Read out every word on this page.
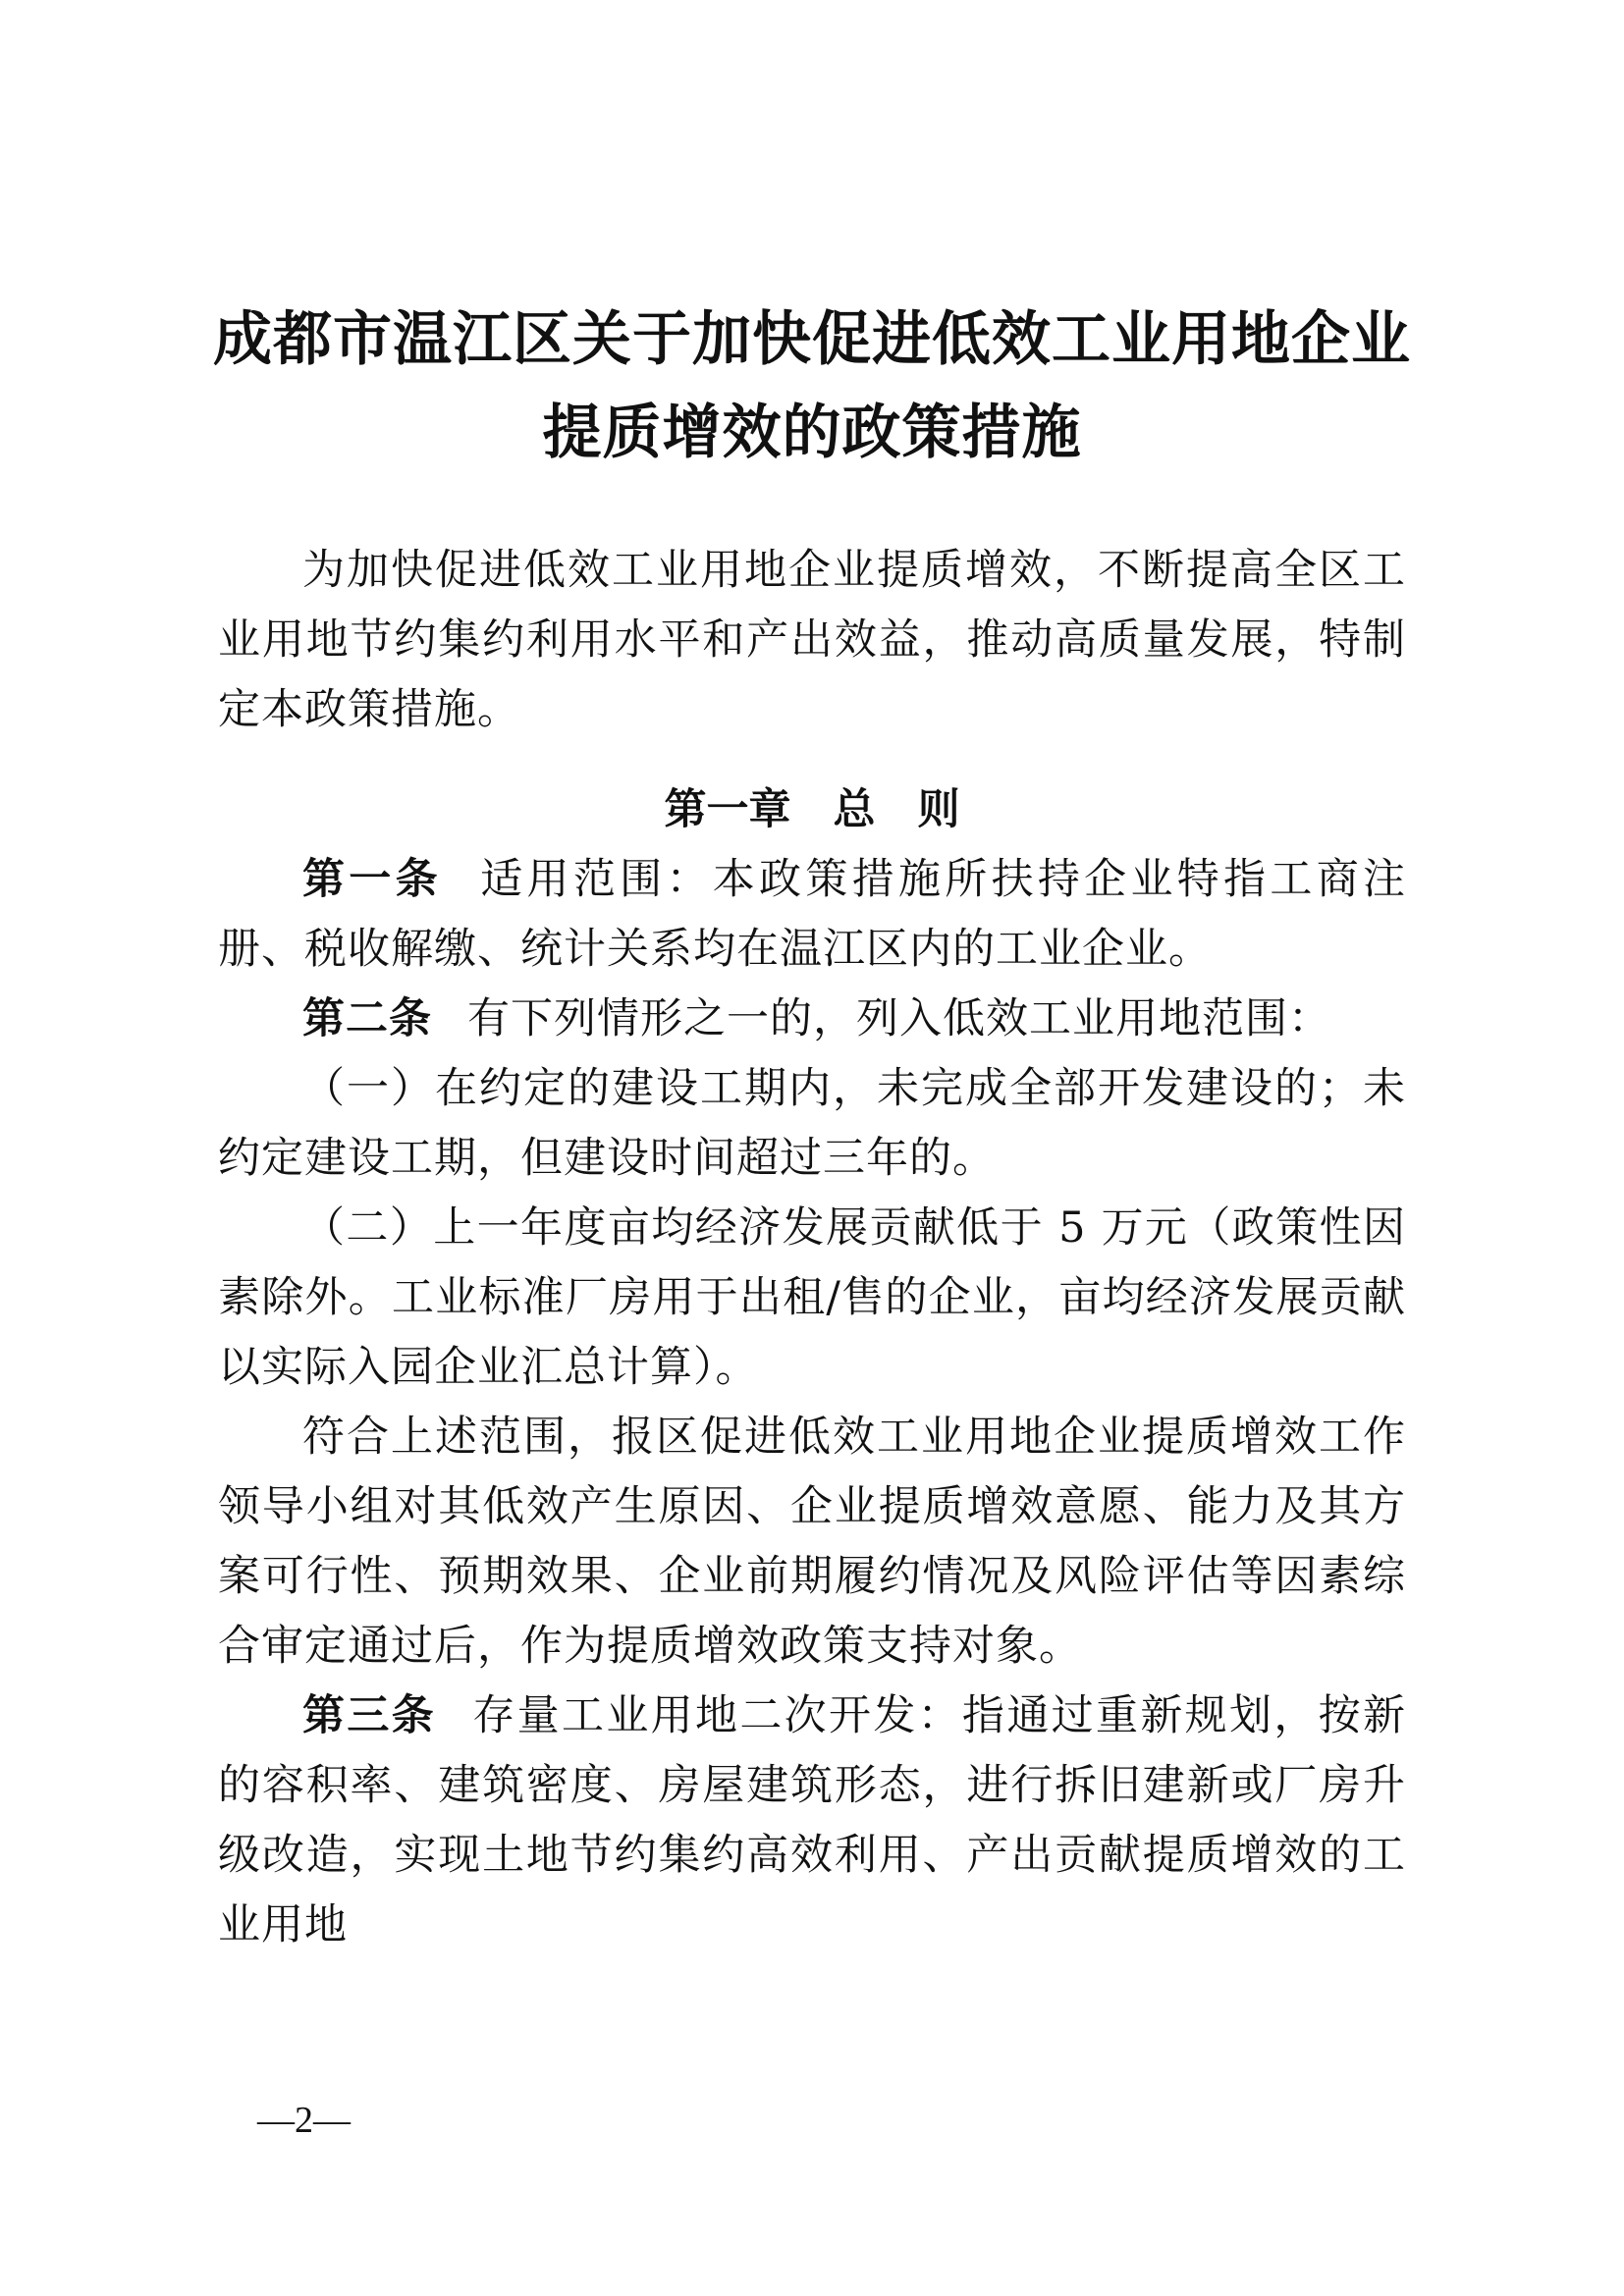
成都市温江区关于加快促进低效工业用地企业
提质增效的政策措施

为加快促进低效工业用地企业提质增效，不断提高全区工业用地节约集约利用水平和产出效益，推动高质量发展，特制定本政策措施。

第一章　总　则

第一条 适用范围：本政策措施所扶持企业特指工商注册、税收解缴、统计关系均在温江区内的工业企业。

第二条 有下列情形之一的，列入低效工业用地范围：

（一）在约定的建设工期内，未完成全部开发建设的；未约定建设工期，但建设时间超过三年的。

（二）上一年度亩均经济发展贡献低于 5 万元（政策性因素除外。工业标准厂房用于出租/售的企业，亩均经济发展贡献以实际入园企业汇总计算）。

符合上述范围，报区促进低效工业用地企业提质增效工作领导小组对其低效产生原因、企业提质增效意愿、能力及其方案可行性、预期效果、企业前期履约情况及风险评估等因素综合审定通过后，作为提质增效政策支持对象。

第三条 存量工业用地二次开发：指通过重新规划，按新的容积率、建筑密度、房屋建筑形态，进行拆旧建新或厂房升级改造，实现土地节约集约高效利用、产出贡献提质增效的工业用地

—2—
